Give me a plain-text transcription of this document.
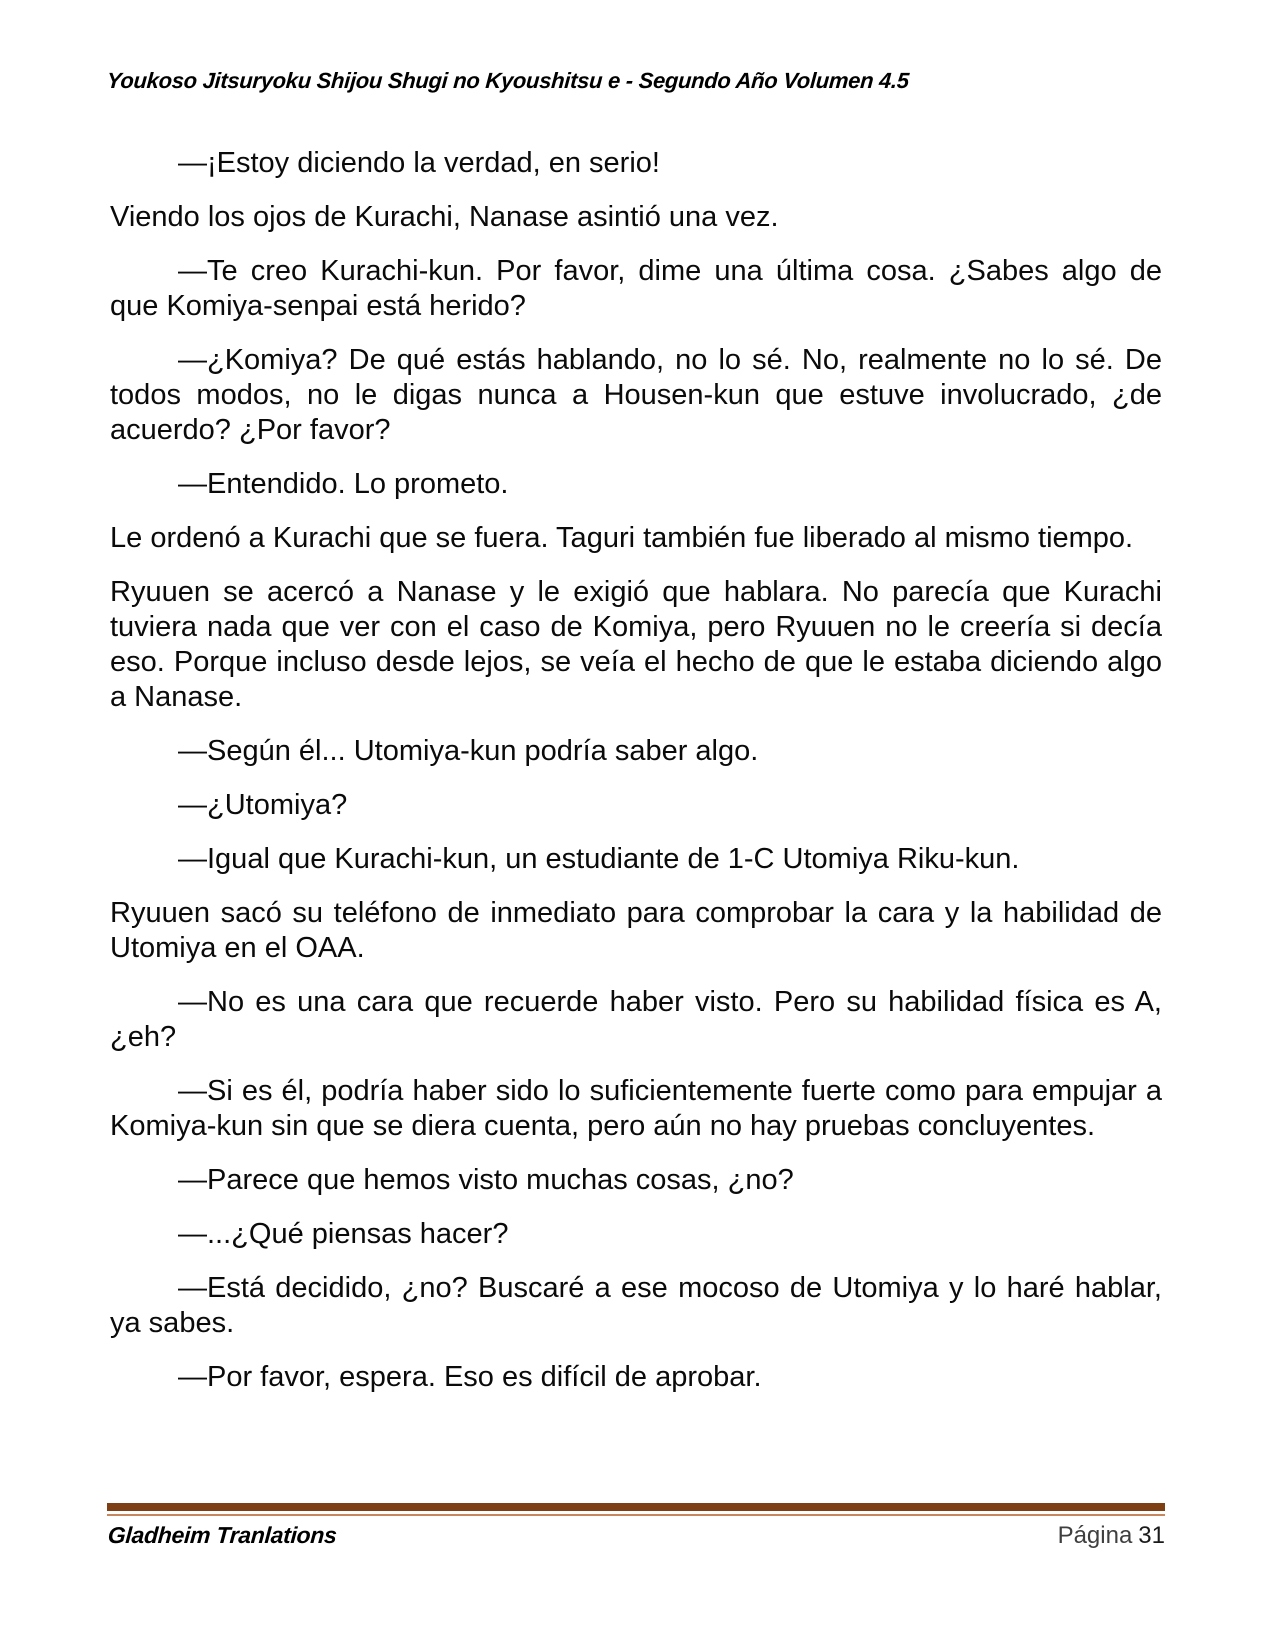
Youkoso Jitsuryoku Shijou Shugi no Kyoushitsu e - Segundo Año Volumen 4.5

—¡Estoy diciendo la verdad, en serio!

Viendo los ojos de Kurachi, Nanase asintió una vez.

—Te creo Kurachi-kun. Por favor, dime una última cosa. ¿Sabes algo de que Komiya-senpai está herido?

—¿Komiya? De qué estás hablando, no lo sé. No, realmente no lo sé. De todos modos, no le digas nunca a Housen-kun que estuve involucrado, ¿de acuerdo? ¿Por favor?

—Entendido. Lo prometo.

Le ordenó a Kurachi que se fuera. Taguri también fue liberado al mismo tiempo.

Ryuuen se acercó a Nanase y le exigió que hablara. No parecía que Kurachi tuviera nada que ver con el caso de Komiya, pero Ryuuen no le creería si decía eso. Porque incluso desde lejos, se veía el hecho de que le estaba diciendo algo a Nanase.

—Según él... Utomiya-kun podría saber algo.

—¿Utomiya?

—Igual que Kurachi-kun, un estudiante de 1-C Utomiya Riku-kun.

Ryuuen sacó su teléfono de inmediato para comprobar la cara y la habilidad de Utomiya en el OAA.

—No es una cara que recuerde haber visto. Pero su habilidad física es A, ¿eh?

—Si es él, podría haber sido lo suficientemente fuerte como para empujar a Komiya-kun sin que se diera cuenta, pero aún no hay pruebas concluyentes.

—Parece que hemos visto muchas cosas, ¿no?

—...¿Qué piensas hacer?

—Está decidido, ¿no? Buscaré a ese mocoso de Utomiya y lo haré hablar, ya sabes.

—Por favor, espera. Eso es difícil de aprobar.

Gladheim Tranlations	Página 31
